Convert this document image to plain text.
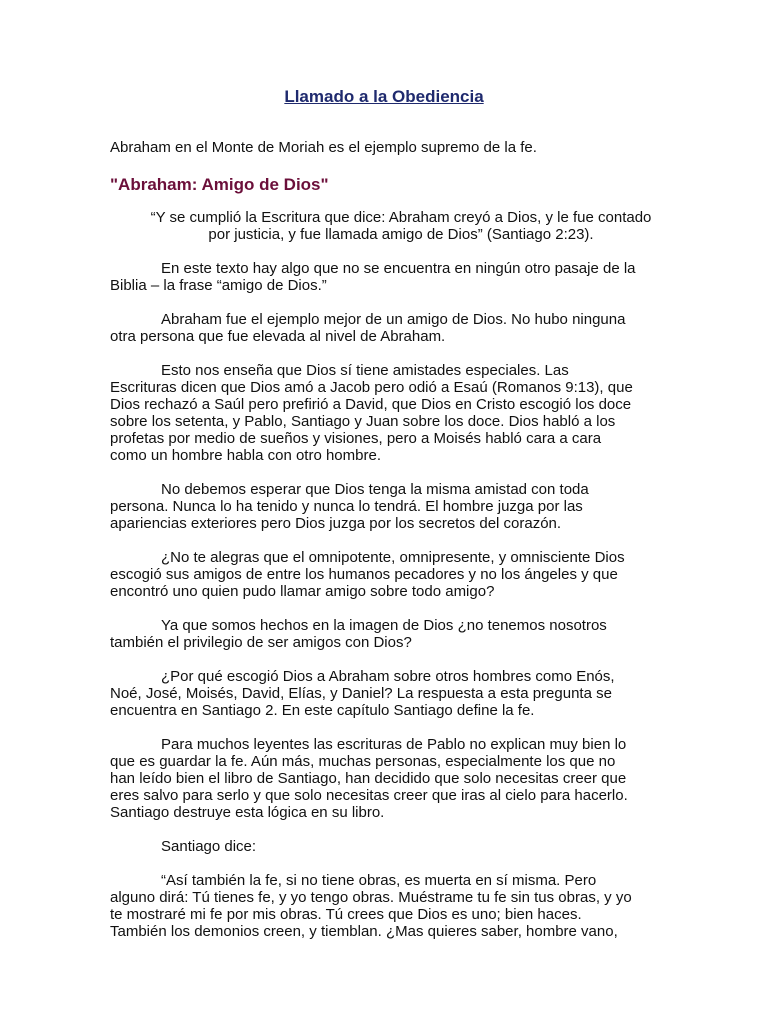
Llamado a la Obediencia

Abraham en el Monte de Moriah es el ejemplo supremo de la fe.

"Abraham: Amigo de Dios"
“Y se cumplió la Escritura que dice: Abraham creyó a Dios, y le fue contado
por justicia, y fue llamada amigo de Dios” (Santiago 2:23).

En este texto hay algo que no se encuentra en ningún otro pasaje de la
Biblia – la frase “amigo de Dios.”

Abraham fue el ejemplo mejor de un amigo de Dios. No hubo ninguna
otra persona que fue elevada al nivel de Abraham.

Esto nos enseña que Dios sí tiene amistades especiales. Las
Escrituras dicen que Dios amó a Jacob pero odió a Esaú (Romanos 9:13), que
Dios rechazó a Saúl pero prefirió a David, que Dios en Cristo escogió los doce
sobre los setenta, y Pablo, Santiago y Juan sobre los doce. Dios habló a los
profetas por medio de sueños y visiones, pero a Moisés habló cara a cara
como un hombre habla con otro hombre.

No debemos esperar que Dios tenga la misma amistad con toda
persona. Nunca lo ha tenido y nunca lo tendrá. El hombre juzga por las
apariencias exteriores pero Dios juzga por los secretos del corazón.

¿No te alegras que el omnipotente, omnipresente, y omnisciente Dios
escogió sus amigos de entre los humanos pecadores y no los ángeles y que
encontró uno quien pudo llamar amigo sobre todo amigo?

Ya que somos hechos en la imagen de Dios ¿no tenemos nosotros
también el privilegio de ser amigos con Dios?

¿Por qué escogió Dios a Abraham sobre otros hombres como Enós,
Noé, José, Moisés, David, Elías, y Daniel? La respuesta a esta pregunta se
encuentra en Santiago 2. En este capítulo Santiago define la fe.

Para muchos leyentes las escrituras de Pablo no explican muy bien lo
que es guardar la fe. Aún más, muchas personas, especialmente los que no
han leído bien el libro de Santiago, han decidido que solo necesitas creer que
eres salvo para serlo y que solo necesitas creer que iras al cielo para hacerlo.
Santiago destruye esta lógica en su libro.

Santiago dice:

“Así también la fe, si no tiene obras, es muerta en sí misma. Pero
alguno dirá: Tú tienes fe, y yo tengo obras. Muéstrame tu fe sin tus obras, y yo
te mostraré mi fe por mis obras. Tú crees que Dios es uno; bien haces.
También los demonios creen, y tiemblan. ¿Mas quieres saber, hombre vano,
